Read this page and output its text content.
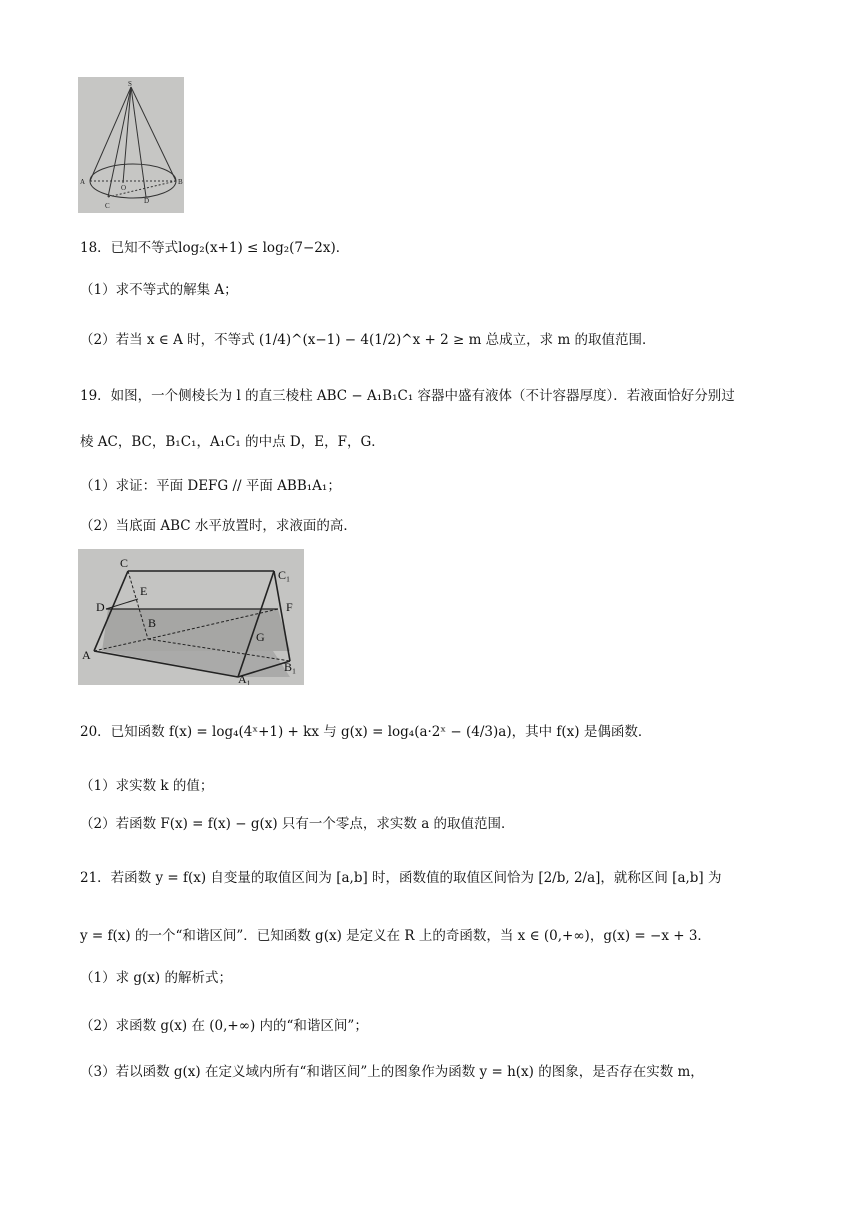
S
A	B
C
O
D
18．已知不等式log₂(x+1) ≤ log₂(7−2x)．
（1）求不等式的解集 A；
（2）若当 x ∈ A 时，不等式 (1/4)^(x−1) − 4(1/2)^x + 2 ≥ m 总成立，求 m 的取值范围．
19．如图，一个侧棱长为 l 的直三棱柱 ABC − A₁B₁C₁ 容器中盛有液体（不计容器厚度）．若液面恰好分别过
棱 AC，BC，B₁C₁，A₁C₁ 的中点 D，E，F，G．
（1）求证：平面 DEFG // 平面 ABB₁A₁；
（2）当底面 ABC 水平放置时，求液面的高．
C
C₁
E
D	F
B
G
A
B₁
A₁
20．已知函数 f(x) = log₄(4ˣ+1) + kx 与 g(x) = log₄(a·2ˣ − (4/3)a)，其中 f(x) 是偶函数．
（1）求实数 k 的值；
（2）若函数 F(x) = f(x) − g(x) 只有一个零点，求实数 a 的取值范围．
21．若函数 y = f(x) 自变量的取值区间为 [a,b] 时，函数值的取值区间恰为 [2/b, 2/a]，就称区间 [a,b] 为
y = f(x) 的一个“和谐区间”．已知函数 g(x) 是定义在 R 上的奇函数，当 x ∈ (0,+∞)，g(x) = −x + 3．
（1）求 g(x) 的解析式；
（2）求函数 g(x) 在 (0,+∞) 内的“和谐区间”；
（3）若以函数 g(x) 在定义域内所有“和谐区间”上的图象作为函数 y = h(x) 的图象，是否存在实数 m，
